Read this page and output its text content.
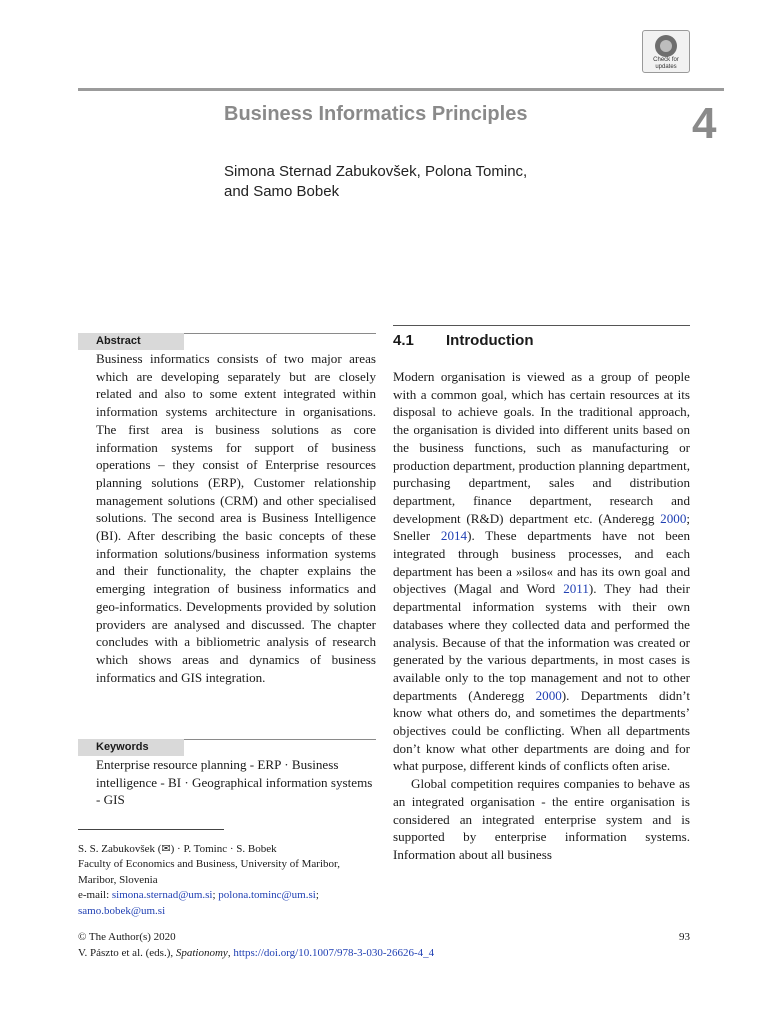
Check for
updates
Business Informatics Principles	4
Simona Sternad Zabukovšek, Polona Tominc,
and Samo Bobek
Abstract
Business informatics consists of two major areas which are developing separately but are closely related and also to some extent integrated within information systems architecture in organisations. The first area is business solutions as core information systems for support of business operations – they consist of Enterprise resources planning solutions (ERP), Customer relationship management solutions (CRM) and other specialised solutions. The second area is Business Intelligence (BI). After describing the basic concepts of these information solutions/business information systems and their functionality, the chapter explains the emerging integration of business informatics and geo-informatics. Developments provided by solution providers are analysed and discussed. The chapter concludes with a bibliometric analysis of research which shows areas and dynamics of business informatics and GIS integration.
Keywords
Enterprise resource planning - ERP · Business intelligence - BI · Geographical information systems - GIS
S. S. Zabukovšek (✉) · P. Tominc · S. Bobek
Faculty of Economics and Business, University of Maribor, Maribor, Slovenia
e-mail: simona.sternad@um.si; polona.tominc@um.si;
samo.bobek@um.si
4.1 Introduction

Modern organisation is viewed as a group of people with a common goal, which has certain resources at its disposal to achieve goals. In the traditional approach, the organisation is divided into different units based on the business functions, such as manufacturing or production department, production planning department, purchasing department, sales and distribution department, finance department, research and development (R&D) department etc. (Anderegg 2000; Sneller 2014). These departments have not been integrated through business processes, and each department has been a »silos« and has its own goal and objectives (Magal and Word 2011). They had their departmental information systems with their own databases where they collected data and performed the analysis. Because of that the information was created or generated by the various departments, in most cases is available only to the top management and not to other departments (Anderegg 2000). Departments didn’t know what others do, and sometimes the departments’ objectives could be conflicting. When all departments don’t know what other departments are doing and for what purpose, different kinds of conflicts often arise.

Global competition requires companies to behave as an integrated organisation - the entire organisation is considered an integrated enterprise system and is supported by enterprise information systems. Information about all business

© The Author(s) 2020
V. Pászto et al. (eds.), Spationomy, https://doi.org/10.1007/978-3-030-26626-4_4
93
